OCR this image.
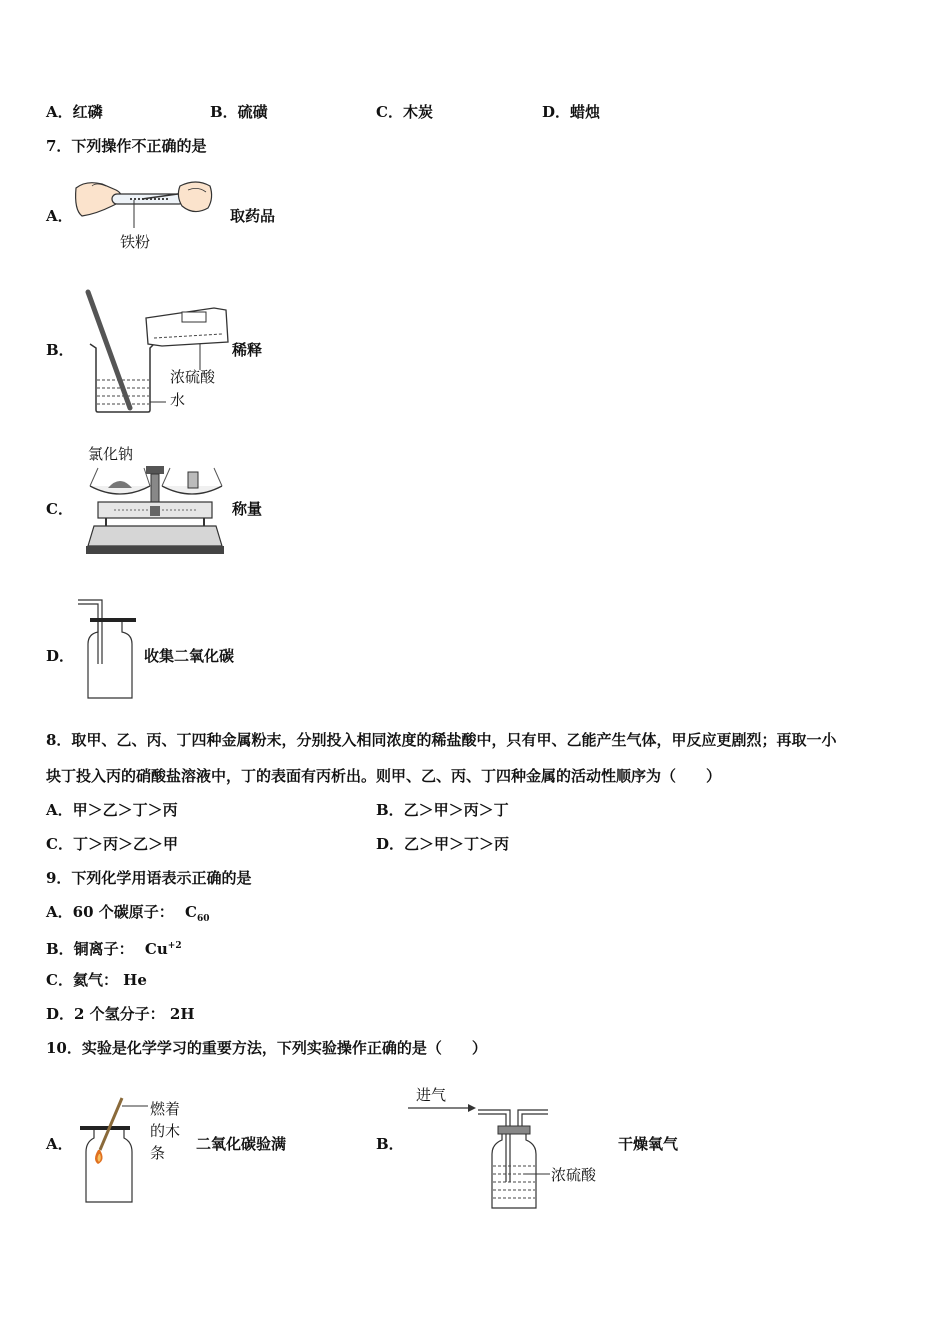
A．红磷	B．硫磺	C．木炭	D．蜡烛
7．下列操作不正确的是
A．
铁粉
取药品
B．
浓硫酸
水
稀释
C．
氯化钠
称量
D．	收集二氧化碳
8．取甲、乙、丙、丁四种金属粉末，分别投入相同浓度的稀盐酸中，只有甲、乙能产生气体，甲反应更剧烈；再取一小
块丁投入丙的硝酸盐溶液中，丁的表面有丙析出。则甲、乙、丙、丁四种金属的活动性顺序为（　　）
A．甲＞乙＞丁＞丙	B．乙＞甲＞丙＞丁
C．丁＞丙＞乙＞甲	D．乙＞甲＞丁＞丙
9．下列化学用语表示正确的是
A．60 个碳原子： $C_{60}$
B．铜离子： $Cu^{+2}$
C．氦气： He
D．2 个氢分子： 2H
10．实验是化学学习的重要方法，下列实验操作正确的是（　　）
A．
燃着
的木
条 二氧化碳验满	B．
进气
浓硫酸
干燥氧气
